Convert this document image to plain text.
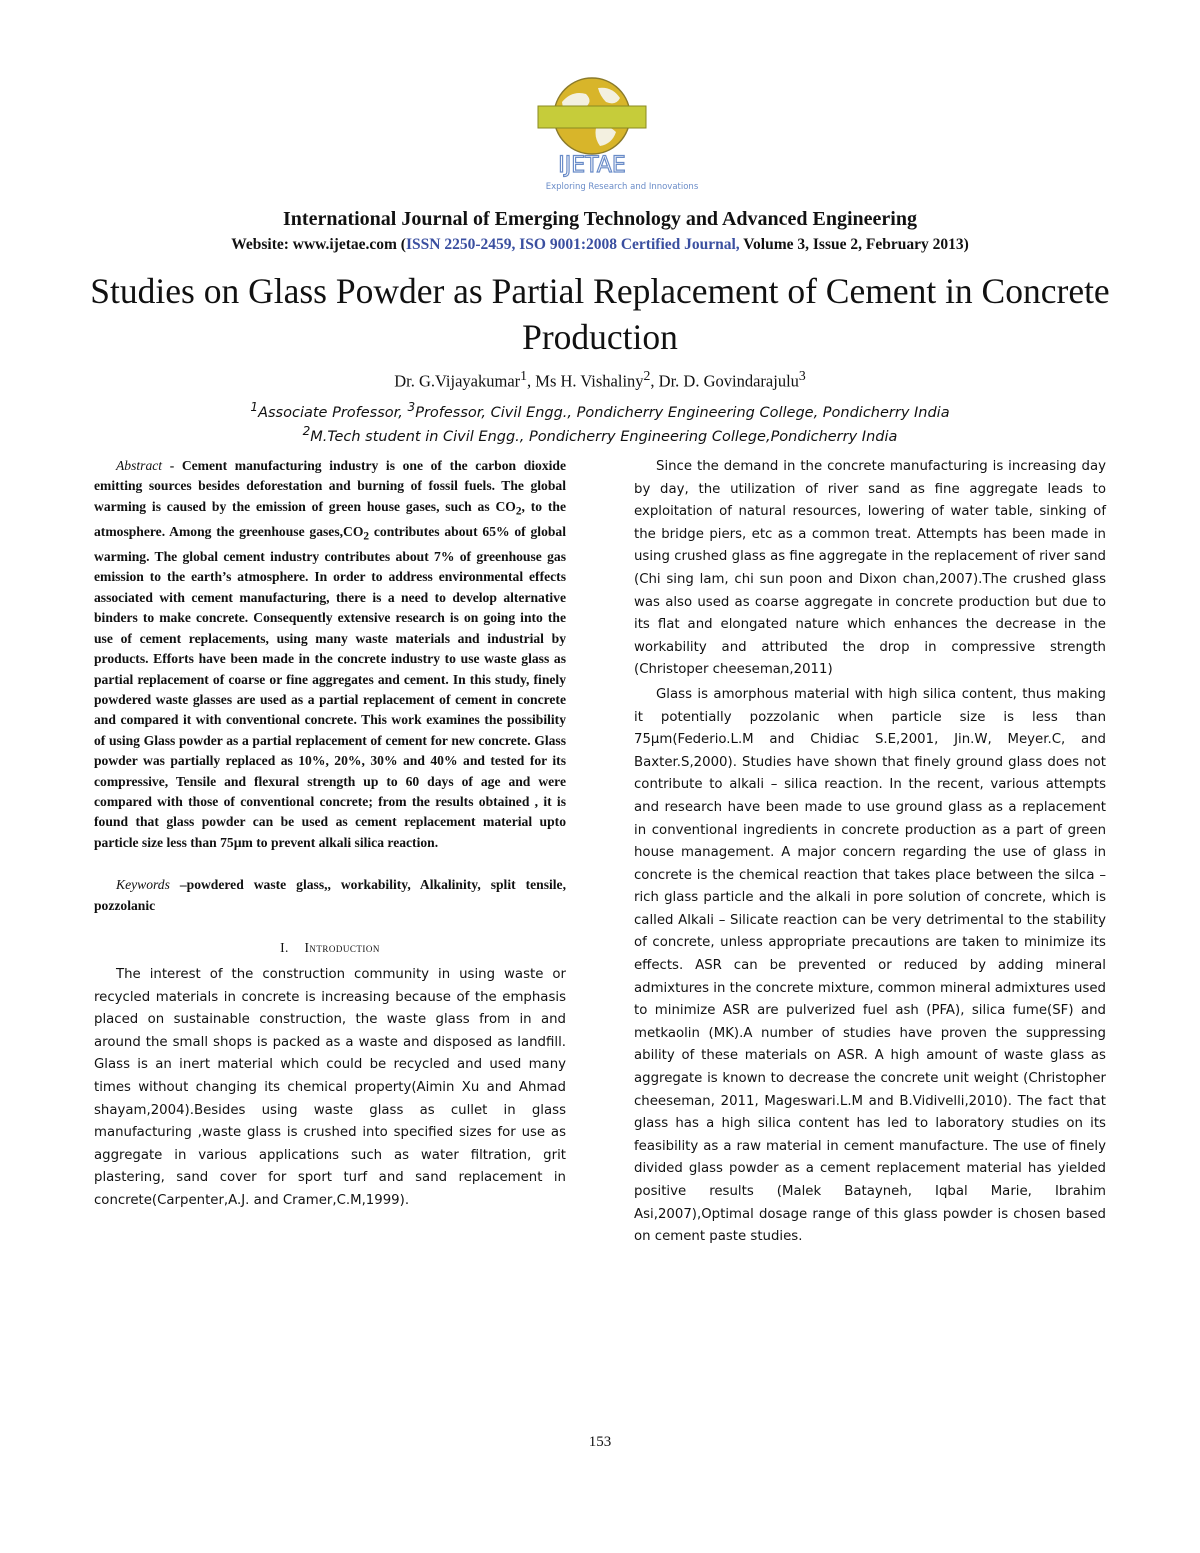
IJETAE
Exploring Research and Innovations
International Journal of Emerging Technology and Advanced Engineering
Website: www.ijetae.com (ISSN 2250-2459, ISO 9001:2008 Certified Journal, Volume 3, Issue 2, February 2013)
Studies on Glass Powder as Partial Replacement of Cement in Concrete Production
Dr. G.Vijayakumar$^1$, Ms H. Vishaliny$^2$, Dr. D. Govindarajulu$^3$
$^1$Associate Professor, $^3$Professor, Civil Engg., Pondicherry Engineering College, Pondicherry India
$^2$M.Tech student in Civil Engg., Pondicherry Engineering College,Pondicherry India

Abstract - Cement manufacturing industry is one of the carbon dioxide emitting sources besides deforestation and burning of fossil fuels. The global warming is caused by the emission of green house gases, such as $CO_2$, to the atmosphere. Among the greenhouse $gases,CO_2$ contributes about 65% of global warming. The global cement industry contributes about 7% of greenhouse gas emission to the earth’s atmosphere. In order to address environmental effects associated with cement manufacturing, there is a need to develop alternative binders to make concrete. Consequently extensive research is on going into the use of cement replacements, using many waste materials and industrial by products. Efforts have been made in the concrete industry to use waste glass as partial replacement of coarse or fine aggregates and cement. In this study, finely powdered waste glasses are used as a partial replacement of cement in concrete and compared it with conventional concrete. This work examines the possibility of using Glass powder as a partial replacement of cement for new concrete. Glass powder was partially replaced as 10%, 20%, 30% and 40% and tested for its compressive, Tensile and flexural strength up to 60 days of age and were compared with those of conventional concrete; from the results obtained , it is found that glass powder can be used as cement replacement material upto particle size less than 75µm to prevent alkali silica reaction.

Keywords –powdered waste glass,, workability, Alkalinity, split tensile, pozzolanic

I. Introduction

The interest of the construction community in using waste or recycled materials in concrete is increasing because of the emphasis placed on sustainable construction, the waste glass from in and around the small shops is packed as a waste and disposed as landfill. Glass is an inert material which could be recycled and used many times without changing its chemical property(Aimin Xu and Ahmad shayam,2004).Besides using waste glass as cullet in glass manufacturing ,waste glass is crushed into specified sizes for use as aggregate in various applications such as water filtration, grit plastering, sand cover for sport turf and sand replacement in concrete(Carpenter,A.J. and Cramer,C.M,1999).

Since the demand in the concrete manufacturing is increasing day by day, the utilization of river sand as fine aggregate leads to exploitation of natural resources, lowering of water table, sinking of the bridge piers, etc as a common treat. Attempts has been made in using crushed glass as fine aggregate in the replacement of river sand (Chi sing lam, chi sun poon and Dixon chan,2007).The crushed glass was also used as coarse aggregate in concrete production but due to its flat and elongated nature which enhances the decrease in the workability and attributed the drop in compressive strength (Christoper cheeseman,2011)

Glass is amorphous material with high silica content, thus making it potentially pozzolanic when particle size is less than 75µm(Federio.L.M and Chidiac S.E,2001, Jin.W, Meyer.C, and Baxter.S,2000). Studies have shown that finely ground glass does not contribute to alkali – silica reaction. In the recent, various attempts and research have been made to use ground glass as a replacement in conventional ingredients in concrete production as a part of green house management. A major concern regarding the use of glass in concrete is the chemical reaction that takes place between the silca – rich glass particle and the alkali in pore solution of concrete, which is called Alkali – Silicate reaction can be very detrimental to the stability of concrete, unless appropriate precautions are taken to minimize its effects. ASR can be prevented or reduced by adding mineral admixtures in the concrete mixture, common mineral admixtures used to minimize ASR are pulverized fuel ash (PFA), silica fume(SF) and metkaolin (MK).A number of studies have proven the suppressing ability of these materials on ASR. A high amount of waste glass as aggregate is known to decrease the concrete unit weight (Christopher cheeseman, 2011, Mageswari.L.M and B.Vidivelli,2010). The fact that glass has a high silica content has led to laboratory studies on its feasibility as a raw material in cement manufacture. The use of finely divided glass powder as a cement replacement material has yielded positive results (Malek Batayneh, Iqbal Marie, Ibrahim Asi,2007),Optimal dosage range of this glass powder is chosen based on cement paste studies.

153
